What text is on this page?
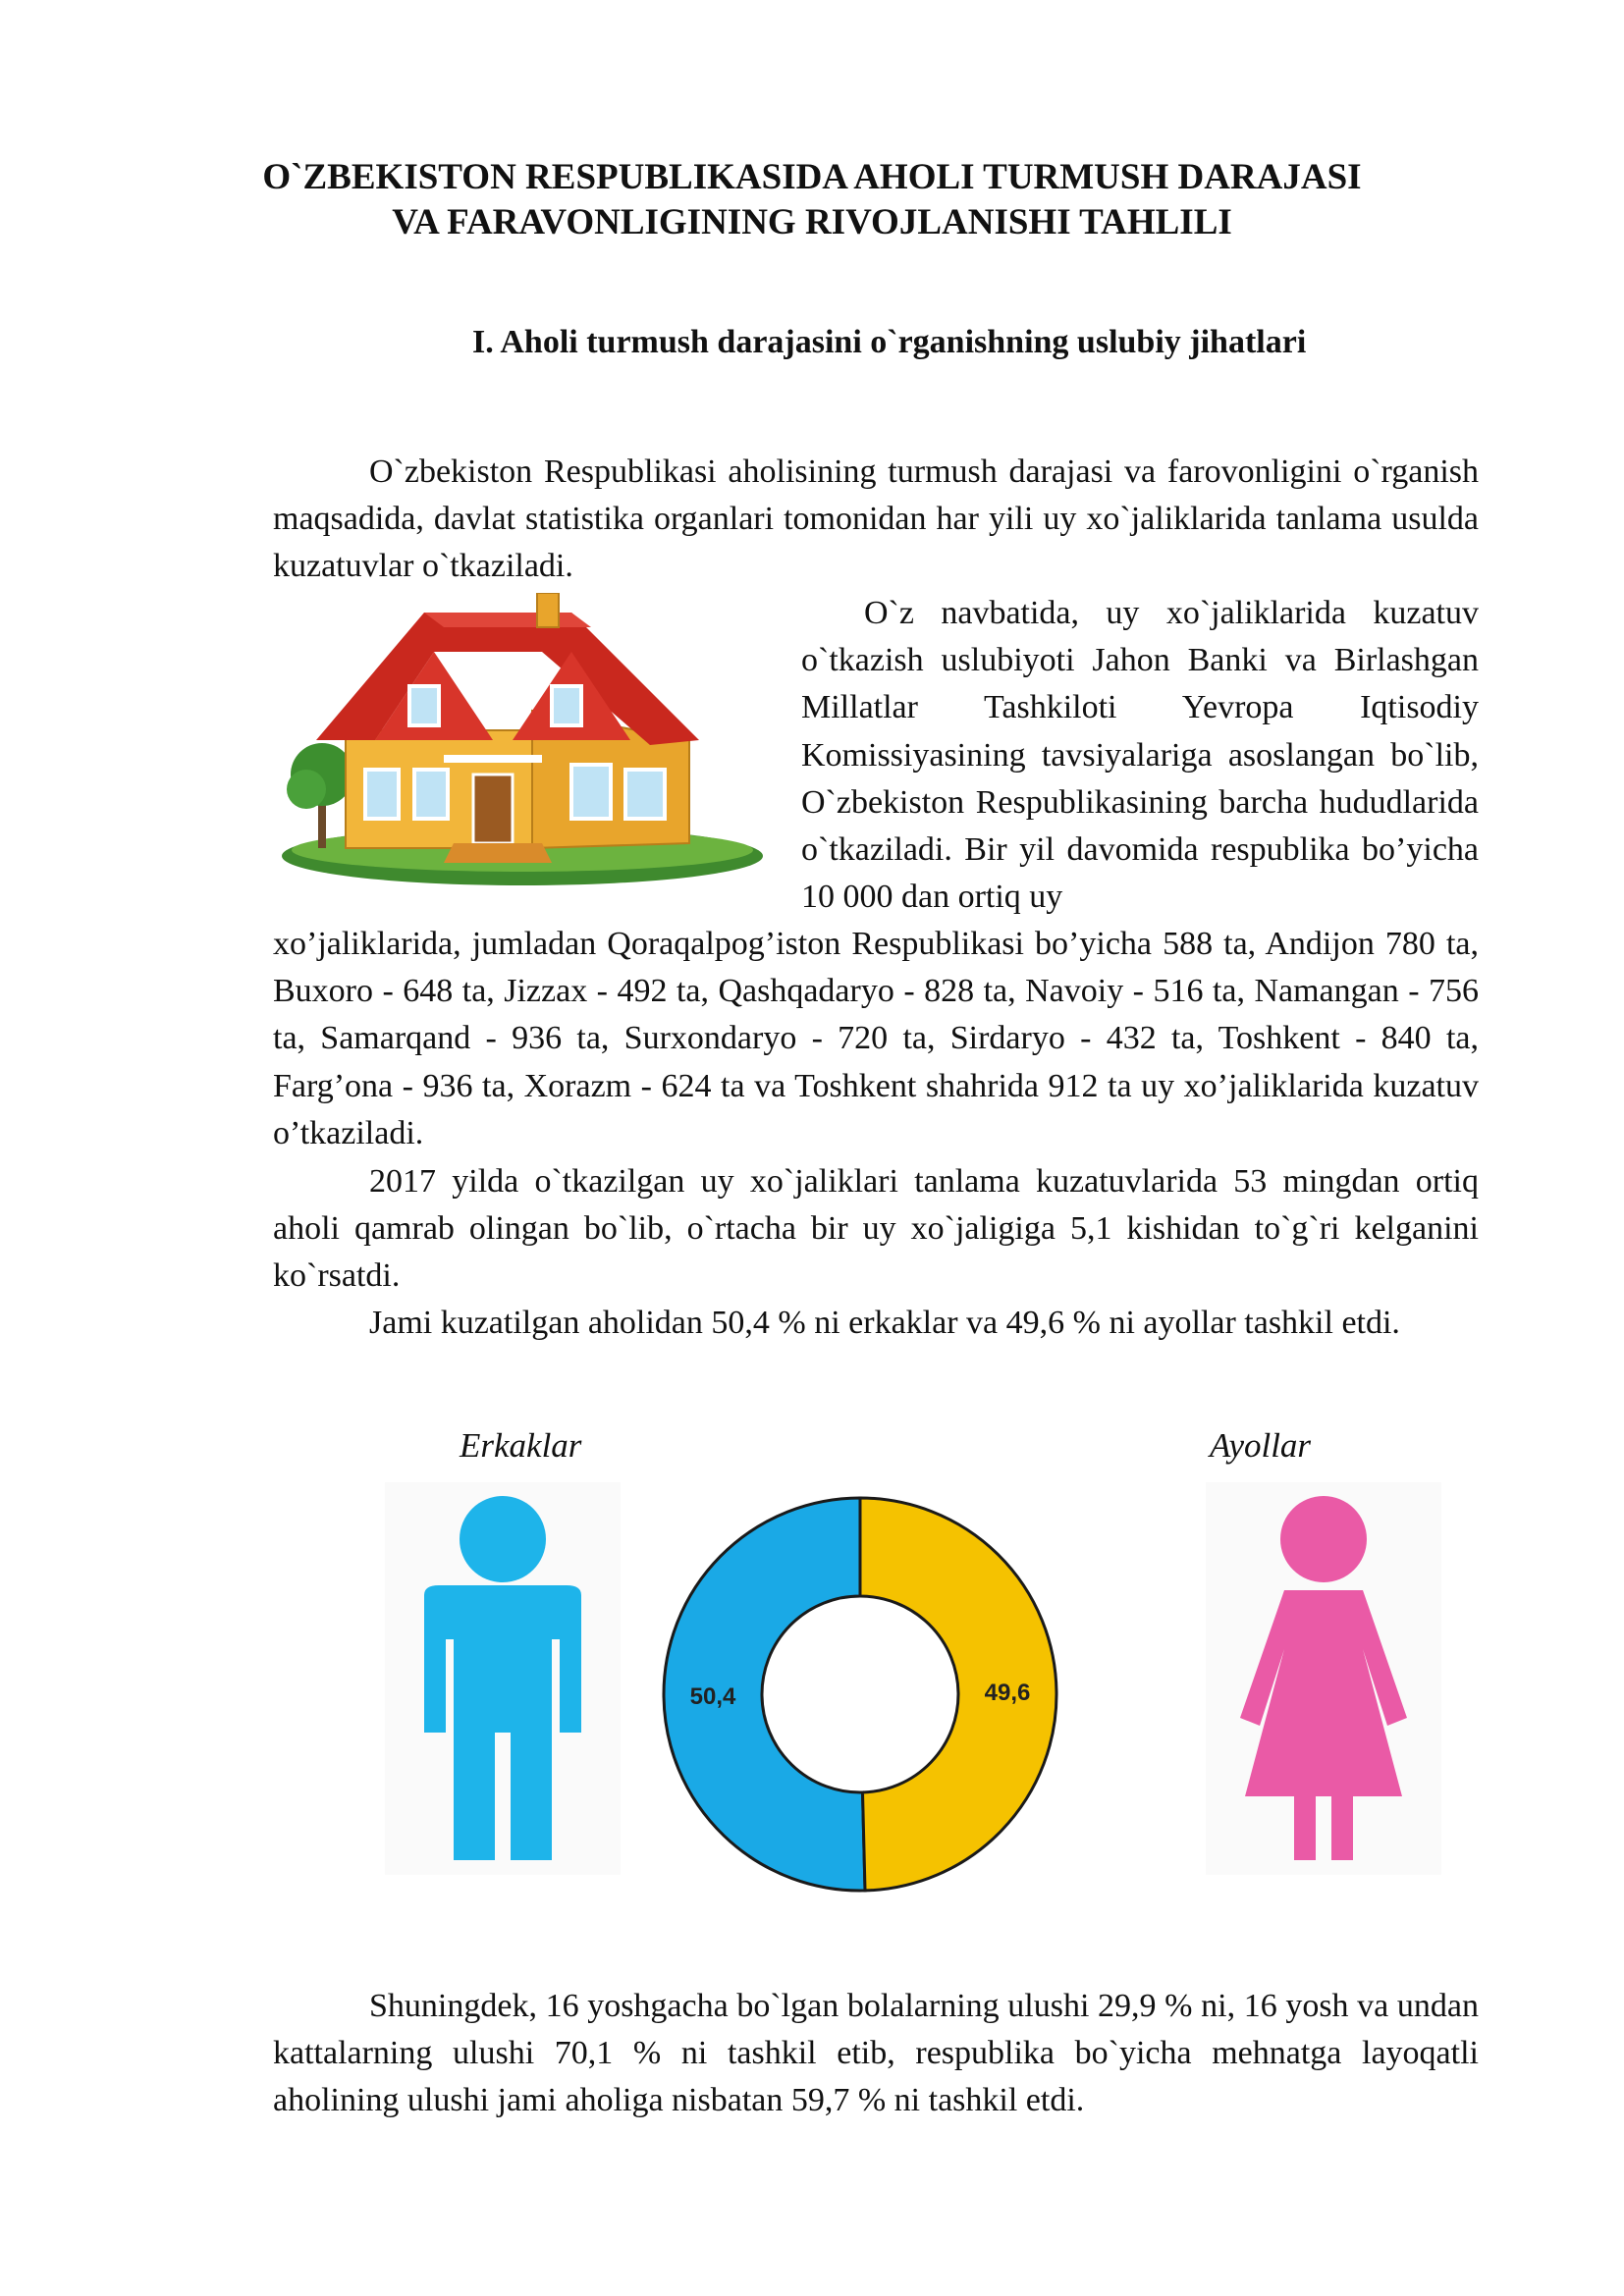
O`ZBEKISTON RESPUBLIKASIDA AHOLI TURMUSH DARAJASI
VA FARAVONLIGINING RIVOJLANISHI TAHLILI
I. Aholi turmush darajasini o`rganishning uslubiy jihatlari

O`zbekiston Respublikasi aholisining turmush darajasi va farovonligini o`rganish maqsadida, davlat statistika organlari tomonidan har yili uy xo`jaliklarida tanlama usulda kuzatuvlar o`tkaziladi.

O`z navbatida, uy xo`jaliklarida kuzatuv o`tkazish uslubiyoti Jahon Banki va Birlashgan Millatlar Tashkiloti Yevropa Iqtisodiy Komissiyasining tavsiyalariga asoslangan bo`lib, O`zbekiston Respublikasining barcha hududlarida o`tkaziladi. Bir yil davomida respublika bo’yicha 10 000 dan ortiq uy

xo’jaliklarida, jumladan Qoraqalpog’iston Respublikasi bo’yicha 588 ta, Andijon 780 ta, Buxoro - 648 ta, Jizzax - 492 ta, Qashqadaryo - 828 ta, Navoiy - 516 ta, Namangan - 756 ta, Samarqand - 936 ta, Surxondaryo - 720 ta, Sirdaryo - 432 ta, Toshkent - 840 ta, Farg’ona - 936 ta, Xorazm - 624 ta va Toshkent shahrida 912 ta uy xo’jaliklarida kuzatuv o’tkaziladi.

2017 yilda o`tkazilgan uy xo`jaliklari tanlama kuzatuvlarida 53 mingdan ortiq aholi qamrab olingan bo`lib, o`rtacha bir uy xo`jaligiga 5,1 kishidan to`g`ri kelganini ko`rsatdi.

Jami kuzatilgan aholidan 50,4 % ni erkaklar va 49,6 % ni ayollar tashkil etdi.

Erkaklar	Ayollar
50,4	49,6

Shuningdek, 16 yoshgacha bo`lgan bolalarning ulushi 29,9 % ni, 16 yosh va undan kattalarning ulushi 70,1 % ni tashkil etib, respublika bo`yicha mehnatga layoqatli aholining ulushi jami aholiga nisbatan 59,7 % ni tashkil etdi.
